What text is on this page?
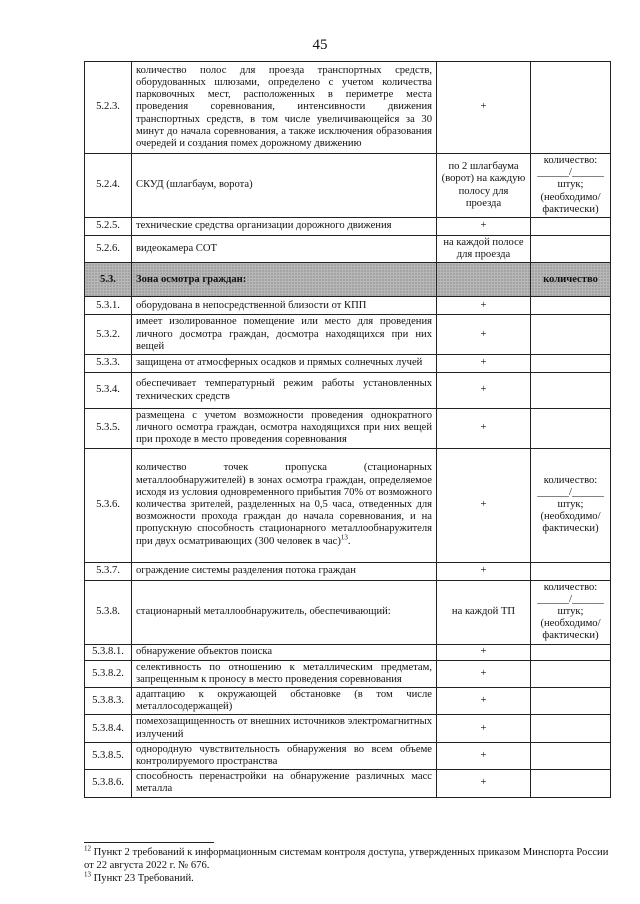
45
5.2.3.	количество полос для проезда транспортных средств, оборудованных шлюзами, определено с учетом количества парковочных мест, расположенных в периметре места проведения соревнования, интенсивности движения транспортных средств, в том числе увеличивающейся за 30 минут до начала соревнования, а также исключения образования очередей и создания помех дорожному движению	+	
5.2.4.	СКУД (шлагбаум, ворота)	по 2 шлагбаума (ворот) на каждую полосу для проезда	количество: ______/______ штук; (необходимо/ фактически)
5.2.5.	технические средства организации дорожного движения	+	
5.2.6.	видеокамера СОТ	на каждой полосе для проезда	
5.3.	Зона осмотра граждан:		количество
5.3.1.	оборудована в непосредственной близости от КПП	+	
5.3.2.	имеет изолированное помещение или место для проведения личного досмотра граждан, досмотра находящихся при них вещей	+	
5.3.3.	защищена от атмосферных осадков и прямых солнечных лучей	+	
5.3.4.	обеспечивает температурный режим работы установленных технических средств	+	
5.3.5.	размещена с учетом возможности проведения однократного личного осмотра граждан, осмотра находящихся при них вещей при проходе в место проведения соревнования	+	
5.3.6.	количество точек пропуска (стационарных металлообнаружителей) в зонах осмотра граждан, определяемое исходя из условия одновременного прибытия 70% от возможного количества зрителей, разделенных на 0,5 часа, отведенных для возможности прохода граждан до начала соревнования, и на пропускную способность стационарного металлообнаружителя при двух осматривающих (300 человек в час)$^{13}$.	+	количество: ______/______ штук; (необходимо/ фактически)
5.3.7.	ограждение системы разделения потока граждан	+	
5.3.8.	стационарный металлообнаружитель, обеспечивающий:	на каждой ТП	количество: ______/______ штук; (необходимо/ фактически)
5.3.8.1.	обнаружение объектов поиска	+	
5.3.8.2.	селективность по отношению к металлическим предметам, запрещенным к проносу в место проведения соревнования	+	
5.3.8.3.	адаптацию к окружающей обстановке (в том числе металлосодержащей)	+	
5.3.8.4.	помехозащищенность от внешних источников электромагнитных излучений	+	
5.3.8.5.	однородную чувствительность обнаружения во всем объеме контролируемого пространства	+	
5.3.8.6.	способность перенастройки на обнаружение различных масс металла	+	

$^{12}$ Пункт 2 требований к информационным системам контроля доступа, утвержденных приказом Минспорта России от 22 августа 2022 г. № 676.

$^{13}$ Пункт 23 Требований.
